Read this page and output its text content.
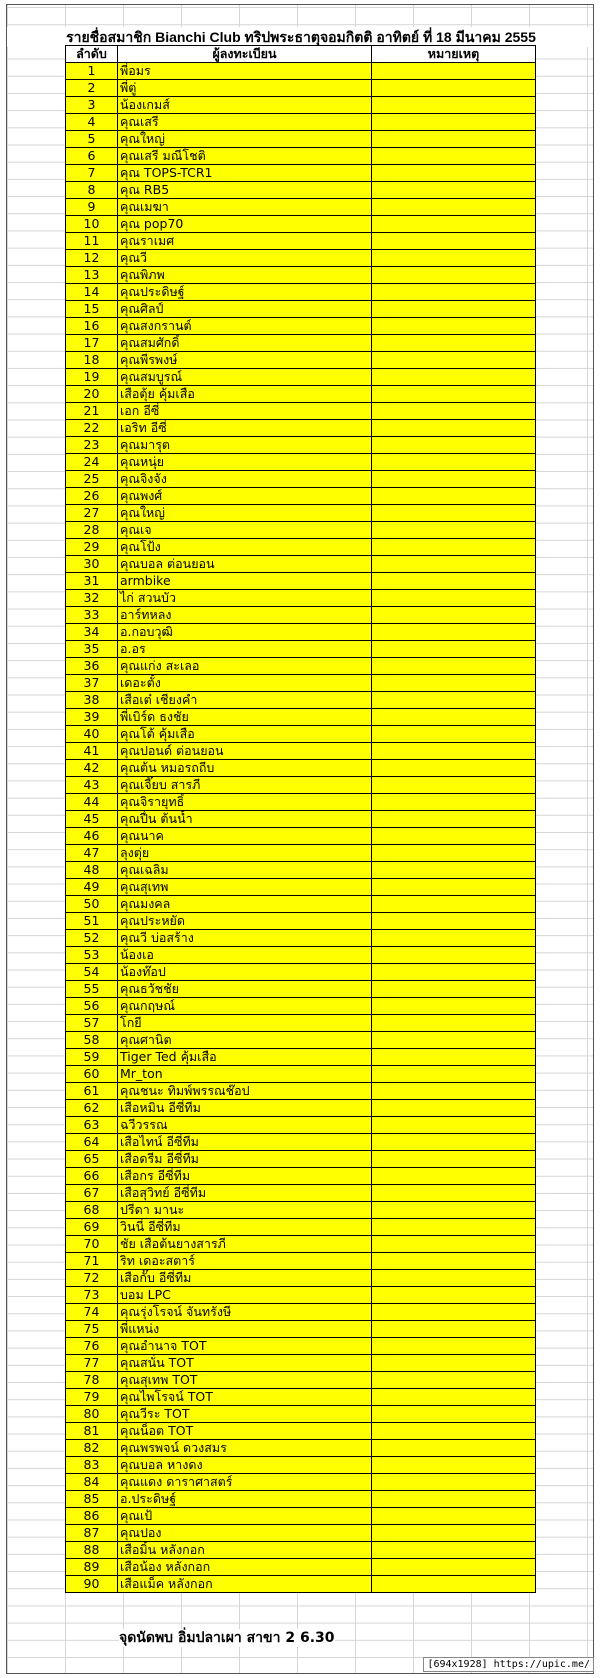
รายชื่อสมาชิก Bianchi Club ทริปพระธาตุจอมกิตติ อาทิตย์ ที่ 18 มีนาคม 2555
ลำดับ	ผู้ลงทะเบียน	หมายเหตุ
1	พี่อมร	
2	พี่ตู่	
3	น้องเกมส์	
4	คุณเสรี	
5	คุณใหญ่	
6	คุณเสรี มณีโชติ	
7	คุณ TOPS-TCR1	
8	คุณ RB5	
9	คุณเมฆา	
10	คุณ pop70	
11	คุณราเมศ	
12	คุณวี	
13	คุณพิภพ	
14	คุณประดิษฐ์	
15	คุณศิลป์	
16	คุณสงกรานต์	
17	คุณสมศักดิ์	
18	คุณพีรพงษ์	
19	คุณสมบูรณ์	
20	เสือตุ้ย คุ้มเสือ	
21	เอก อีซี่	
22	เอริท อีซี่	
23	คุณมารุต	
24	คุณหนุ่ย	
25	คุณจิงจัง	
26	คุณพงศ์	
27	คุณใหญ่	
28	คุณเจ	
29	คุณโป้ง	
30	คุณบอล ต่อนยอน	
31	armbike	
32	ไก่ สวนบัว	
33	อาร์ทหลง	
34	อ.กอบวุฒิ	
35	อ.อร	
36	คุณแก่ง สะเลอ	
37	เดอะตั้ง	
38	เสือเต๋ เชียงคำ	
39	พี่เบิร์ด ธงชัย	
40	คุณโต้ คุ้มเสือ	
41	คุณปอนด์ ต่อนยอน	
42	คุณต้น หมอรถถีบ	
43	คุณเจี๊ยบ สารภี	
44	คุณจิรายุทธิ์	
45	คุณปื่น ต้นน้ำ	
46	คุณนาค	
47	ลุงตุ่ย	
48	คุณเฉลิม	
49	คุณสุเทพ	
50	คุณมงคล	
51	คุณประหยัด	
52	คุณวี บ่อสร้าง	
53	น้องเอ	
54	น้องท๊อป	
55	คุณธวัชชัย	
56	คุณกฤษณ์	
57	โกยี	
58	คุณศานิต	
59	Tiger Ted คุ้มเสือ	
60	Mr_ton	
61	คุณชนะ ทิมพ์พรรณช๊อป	
62	เสือหมิน อีซี่ทีม	
63	ฉวีวรรณ	
64	เสือไทน์ อีซี่ทีม	
65	เสือดรีม อีซี่ทีม	
66	เสือกร อีซี่ทีม	
67	เสือสุวิทย์ อีซี่ทีม	
68	ปรีดา มานะ	
69	วินนี่ อีซี่ทีม	
70	ชัย เสือต้นยางสารภี	
71	ริท เดอะสตาร์	
72	เสือกั๊บ อีซี่ทีม	
73	บอม LPC	
74	คุณรุ่งโรจน์ จันทรังษี	
75	พี่แหน่ง	
76	คุณอำนาจ TOT	
77	คุณสนั่น TOT	
78	คุณสุเทพ TOT	
79	คุณไพโรจน์ TOT	
80	คุณวีระ TOT	
81	คุณน็อต TOT	
82	คุณพรพจน์ ดวงสมร	
83	คุณบอล หางดง	
84	คุณแดง ดาราศาสตร์	
85	อ.ประดิษฐ์	
86	คุณเป้	
87	คุณปอง	
88	เสือมิ้น หลังกอก	
89	เสือน้อง หลังกอก	
90	เสือแม็ค หลังกอก	
จุดนัดพบ อิ่มปลาเผา สาขา 2 6.30
[694x1928] https://upic.me/
